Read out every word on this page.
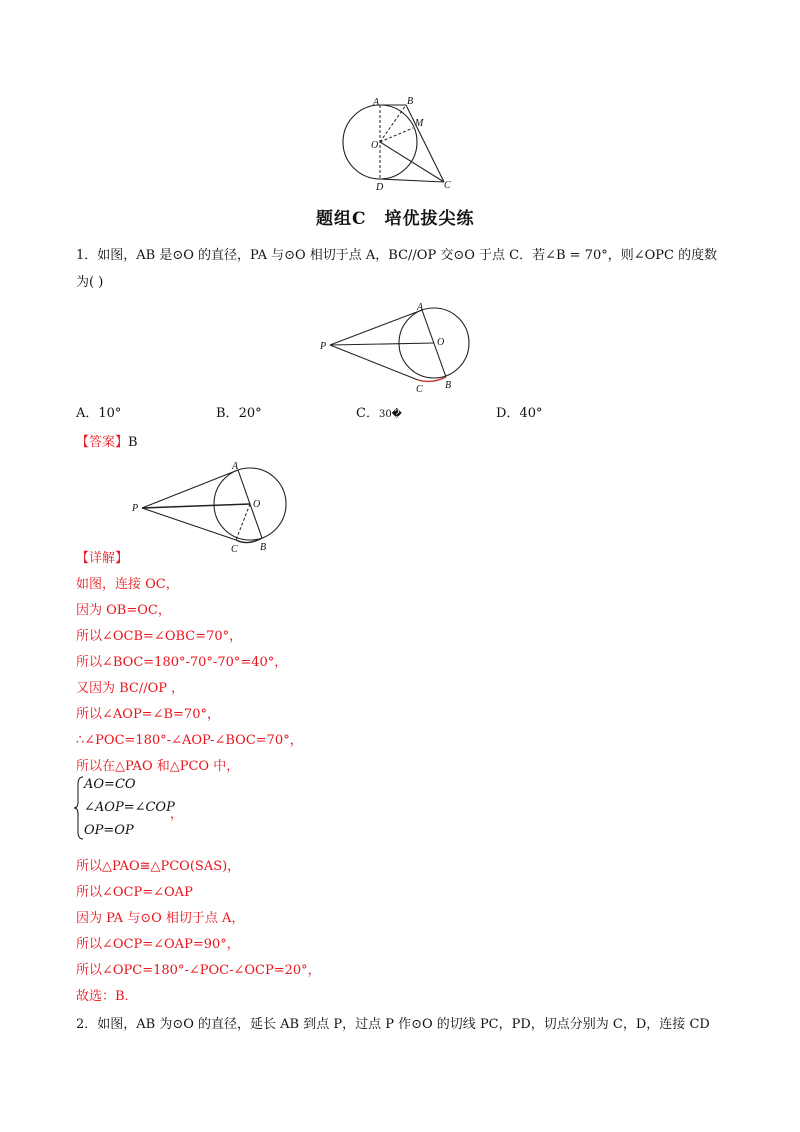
A	B
M
O
D	C
题组C　培优拔尖练
1．如图，AB 是⊙O 的直径，PA 与⊙O 相切于点 A，BC//OP 交⊙O 于点 C．若∠B = 70°，则∠OPC 的度数
为( )
P
A
O
C B
A．10°	B．20°	C．30�	D．40°
【答案】B
P
A
O
C B
【详解】
如图，连接 OC，
因为 OB=OC，
所以∠OCB=∠OBC=70°，
所以∠BOC=180°-70°-70°=40°，
又因为 BC//OP ，
所以∠AOP=∠B=70°，
∴∠POC=180°-∠AOP-∠BOC=70°，
所以在△PAO 和△PCO 中，
AO=CO
∠AOP=∠COP
，
OP=OP
所以△PAO≅△PCO(SAS)，
所以∠OCP=∠OAP
因为 PA 与⊙O 相切于点 A，
所以∠OCP=∠OAP=90°，
所以∠OPC=180°-∠POC-∠OCP=20°，
故选：B．
2．如图，AB 为⊙O 的直径，延长 AB 到点 P，过点 P 作⊙O 的切线 PC，PD，切点分别为 C，D，连接 CD
